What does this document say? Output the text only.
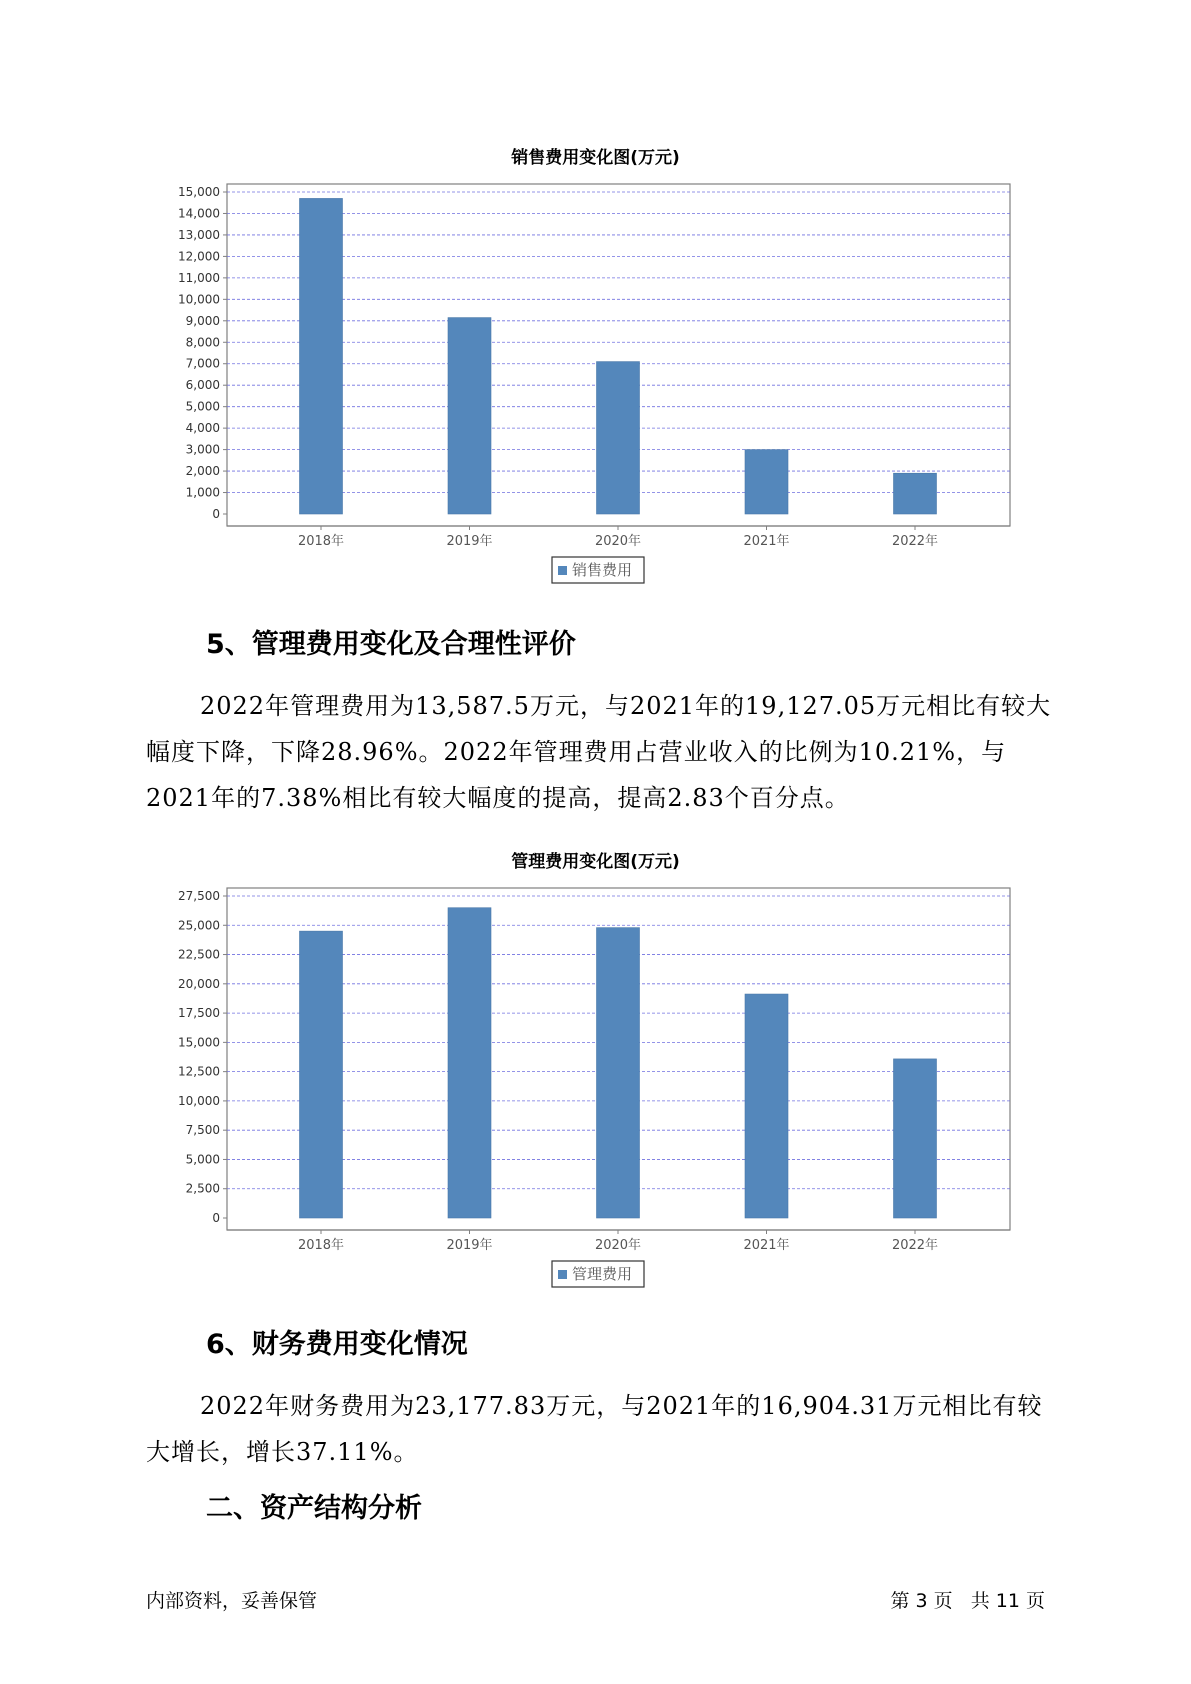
销售费用变化图(万元)
0
1,000
2,000
3,000
4,000
5,000
6,000
7,000
8,000
9,000
10,000
11,000
12,000
13,000
14,000
15,000
2018年	2019年	2020年	2021年	2022年
销售费用
5、管理费用变化及合理性评价

2022年管理费用为13,587.5万元，与2021年的19,127.05万元相比有较大幅度下降，下降28.96%。2022年管理费用占营业收入的比例为10.21%，与2021年的7.38%相比有较大幅度的提高，提高2.83个百分点。

管理费用变化图(万元)
0
2,500
5,000
7,500
10,000
12,500
15,000
17,500
20,000
22,500
25,000
27,500
2018年	2019年	2020年	2021年	2022年
管理费用
6、财务费用变化情况

2022年财务费用为23,177.83万元，与2021年的16,904.31万元相比有较大增长，增长37.11%。

二、资产结构分析
内部资料，妥善保管	第 3 页   共 11 页
